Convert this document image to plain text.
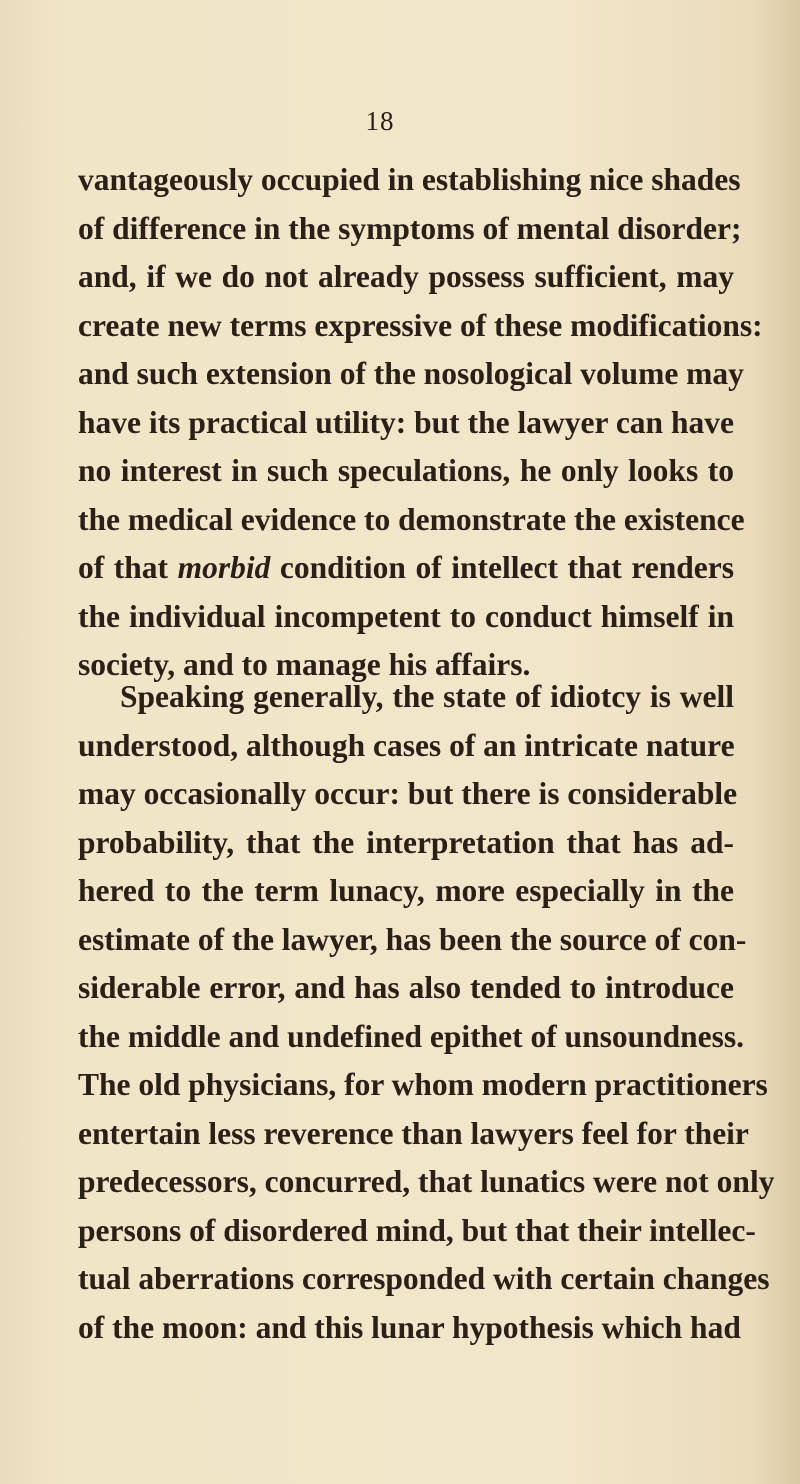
18

vantageously occupied in establishing nice shades
of difference in the symptoms of mental disorder;
and, if we do not already possess sufficient, may
create new terms expressive of these modifications:
and such extension of the nosological volume may
have its practical utility: but the lawyer can have
no interest in such speculations, he only looks to
the medical evidence to demonstrate the existence
of that morbid condition of intellect that renders
the individual incompetent to conduct himself in
society, and to manage his affairs.

Speaking generally, the state of idiotcy is well
understood, although cases of an intricate nature
may occasionally occur: but there is considerable
probability, that the interpretation that has ad-
hered to the term lunacy, more especially in the
estimate of the lawyer, has been the source of con-
siderable error, and has also tended to introduce
the middle and undefined epithet of unsoundness.
The old physicians, for whom modern practitioners
entertain less reverence than lawyers feel for their
predecessors, concurred, that lunatics were not only
persons of disordered mind, but that their intellec-
tual aberrations corresponded with certain changes
of the moon: and this lunar hypothesis which had
